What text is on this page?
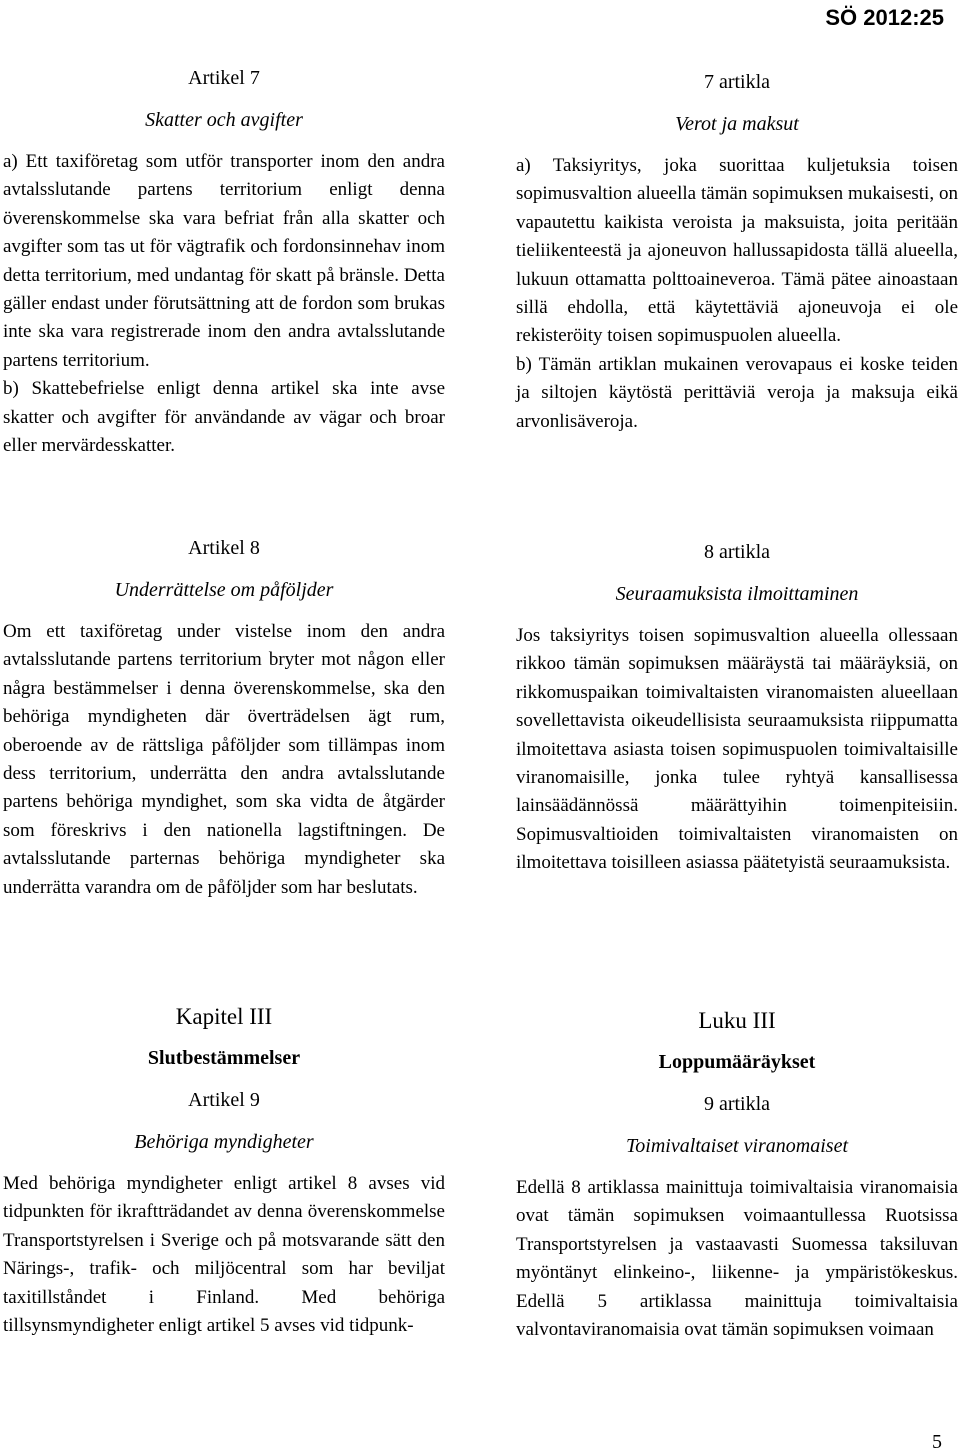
SÖ 2012:25

Artikel 7

Skatter och avgifter

a) Ett taxiföretag som utför transporter inom den andra avtalsslutande partens territorium enligt denna överenskommelse ska vara befriat från alla skatter och avgifter som tas ut för vägtrafik och fordonsinnehav inom detta territorium, med undantag för skatt på bränsle. Detta gäller endast under förutsättning att de fordon som brukas inte ska vara registrerade inom den andra avtalsslutande partens territorium.

b) Skattebefrielse enligt denna artikel ska inte avse skatter och avgifter för användande av vägar och broar eller mervärdesskatter.

Artikel 8

Underrättelse om påföljder

Om ett taxiföretag under vistelse inom den andra avtalsslutande partens territorium bryter mot någon eller några bestämmelser i denna överenskommelse, ska den behöriga myndigheten där överträdelsen ägt rum, oberoende av de rättsliga påföljder som tillämpas inom dess territorium, underrätta den andra avtalsslutande partens behöriga myndighet, som ska vidta de åtgärder som föreskrivs i den nationella lagstiftningen. De avtalsslutande parternas behöriga myndigheter ska underrätta varandra om de påföljder som har beslutats.

Kapitel III

Slutbestämmelser

Artikel 9

Behöriga myndigheter

Med behöriga myndigheter enligt artikel 8 avses vid tidpunkten för ikraftträdandet av denna överenskommelse Transportstyrelsen i Sverige och på motsvarande sätt den Närings-, trafik- och miljöcentral som har beviljat taxitillståndet i Finland. Med behöriga tillsynsmyndigheter enligt artikel 5 avses vid tidpunk-

7 artikla

Verot ja maksut

a) Taksiyritys, joka suorittaa kuljetuksia toisen sopimusvaltion alueella tämän sopimuksen mukaisesti, on vapautettu kaikista veroista ja maksuista, joita peritään tieliikenteestä ja ajoneuvon hallussapidosta tällä alueella, lukuun ottamatta polttoaineveroa. Tämä pätee ainoastaan sillä ehdolla, että käytettäviä ajoneuvoja ei ole rekisteröity toisen sopimuspuolen alueella.

b) Tämän artiklan mukainen verovapaus ei koske teiden ja siltojen käytöstä perittäviä veroja ja maksuja eikä arvonlisäveroja.

8 artikla

Seuraamuksista ilmoittaminen

Jos taksiyritys toisen sopimusvaltion alueella ollessaan rikkoo tämän sopimuksen määräystä tai määräyksiä, on rikkomuspaikan toimivaltaisten viranomaisten alueellaan sovellettavista oikeudellisista seuraamuksista riippumatta ilmoitettava asiasta toisen sopimuspuolen toimivaltaisille viranomaisille, jonka tulee ryhtyä kansallisessa lainsäädännössä määrättyihin toimenpiteisiin. Sopimusvaltioiden toimivaltaisten viranomaisten on ilmoitettava toisilleen asiassa päätetyistä seuraamuksista.

Luku III

Loppumääräykset

9 artikla

Toimivaltaiset viranomaiset

Edellä 8 artiklassa mainittuja toimivaltaisia viranomaisia ovat tämän sopimuksen voimaantullessa Ruotsissa Transportstyrelsen ja vastaavasti Suomessa taksiluvan myöntänyt elinkeino-, liikenne- ja ympäristökeskus. Edellä 5 artiklassa mainittuja toimivaltaisia valvontaviranomaisia ovat tämän sopimuksen voimaan

5
